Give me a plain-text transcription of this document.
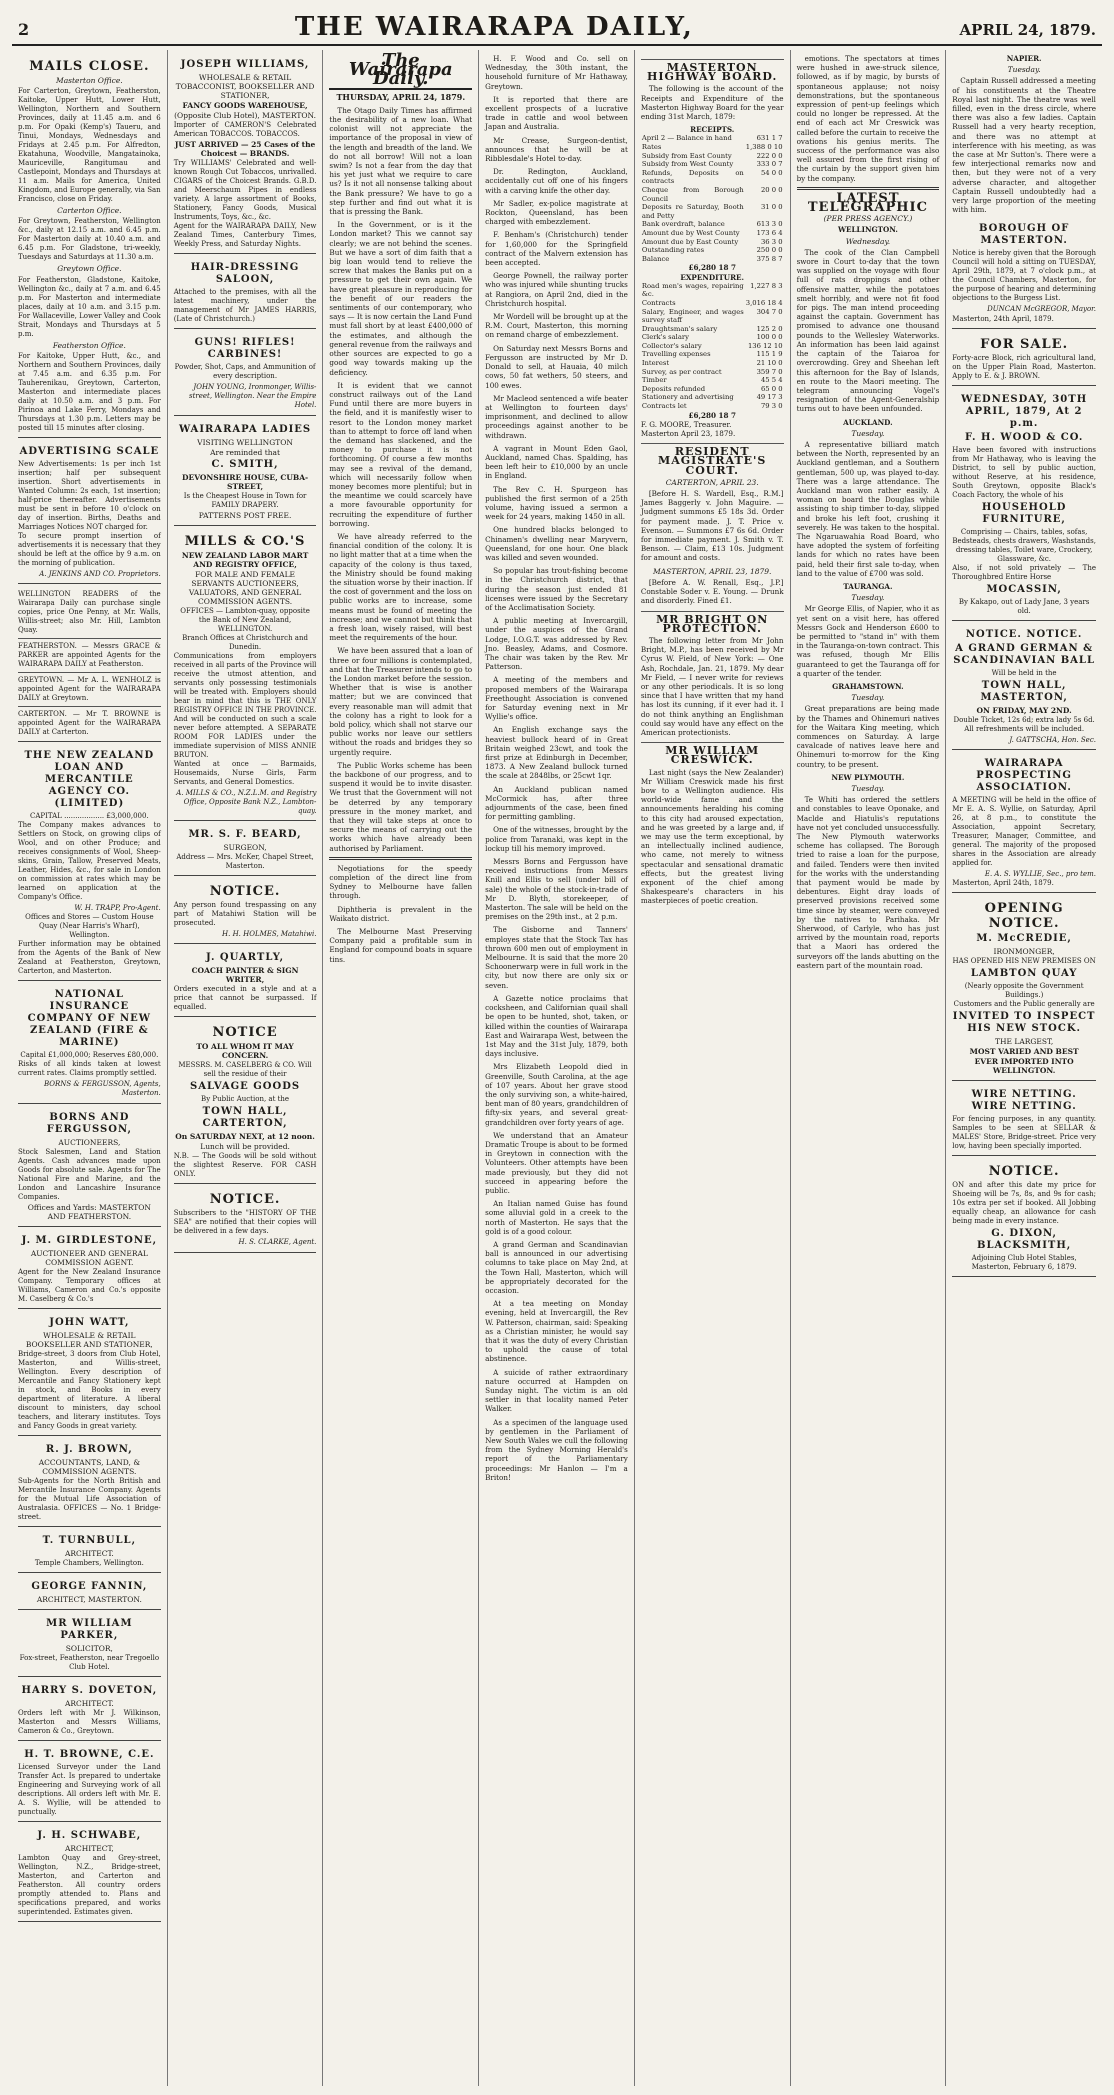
2	THE WAIRARAPA DAILY,	APRIL 24, 1879.
MAILS CLOSE.
Masterton Office.
For Carterton, Greytown, Featherston, Kaitoke, Upper Hutt, Lower Hutt, Wellington, Northern and Southern Provinces, daily at 11.45 a.m. and 6 p.m. For Opaki (Kemp's) Taueru, and Tinui, Mondays, Wednesdays and Fridays at 2.45 p.m. For Alfredton, Ekatahuna, Woodville, Mangatainoka, Mauriceville, Rangitumau and Castlepoint, Mondays and Thursdays at 11 a.m. Mails for America, United Kingdom, and Europe generally, via San Francisco, close on Friday.
Carterton Office.
For Greytown, Featherston, Wellington &c., daily at 12.15 a.m. and 6.45 p.m. For Masterton daily at 10.40 a.m. and 6.45 p.m. For Gladstone, tri-weekly, Tuesdays and Saturdays at 11.30 a.m.
Greytown Office.
For Featherston, Gladstone, Kaitoke, Wellington &c., daily at 7 a.m. and 6.45 p.m. For Masterton and intermediate places, daily at 10 a.m. and 3.15 p.m. For Wallaceville, Lower Valley and Cook Strait, Mondays and Thursdays at 5 p.m.
Featherston Office.
For Kaitoke, Upper Hutt, &c., and Northern and Southern Provinces, daily at 7.45 a.m. and 6.35 p.m. For Tauherenikau, Greytown, Carterton, Masterton and intermediate places daily at 10.50 a.m. and 3 p.m. For Pirinoa and Lake Ferry, Mondays and Thursdays at 1.30 p.m. Letters may be posted till 15 minutes after closing.
ADVERTISING SCALE
New Advertisements: 1s per inch 1st insertion; half per subsequent insertion. Short advertisements in Wanted Column: 2s each, 1st insertion; half-price thereafter. Advertisements must be sent in before 10 o'clock on day of insertion. Births, Deaths and Marriages Notices NOT charged for.
To secure prompt insertion of advertisements it is necessary that they should be left at the office by 9 a.m. on the morning of publication.
A. JENKINS AND CO. Proprietors.
WELLINGTON READERS of the Wairarapa Daily can purchase single copies, price One Penny, at Mr. Walls, Willis-street; also Mr. Hill, Lambton Quay.
FEATHERSTON. — Messrs GRACE & PARKER are appointed Agents for the WAIRARAPA DAILY at Featherston.
GREYTOWN. — Mr A. L. WENHOLZ is appointed Agent for the WAIRARAPA DAILY at Greytown.
CARTERTON. — Mr T. BROWNE is appointed Agent for the WAIRARAPA DAILY at Carterton.
THE NEW ZEALAND LOAN AND MERCANTILE AGENCY CO. (LIMITED)
CAPITAL .................. £3,000,000.
The Company makes advances to Settlers on Stock, on growing clips of Wool, and on other Produce; and receives consignments of Wool, Sheep-skins, Grain, Tallow, Preserved Meats, Leather, Hides, &c., for sale in London on commission at rates which may be learned on application at the Company's Office.
W. H. TRAPP, Pro-Agent.
Offices and Stores — Custom House Quay (Near Harris's Wharf), Wellington.
Further information may be obtained from the Agents of the Bank of New Zealand at Featherston, Greytown, Carterton, and Masterton.
NATIONAL INSURANCE COMPANY OF NEW ZEALAND (FIRE & MARINE)
Capital £1,000,000; Reserves £80,000.
Risks of all kinds taken at lowest current rates. Claims promptly settled.
BORNS & FERGUSSON, Agents, Masterton.
BORNS AND FERGUSSON,
AUCTIONEERS,
Stock Salesmen, Land and Station Agents. Cash advances made upon Goods for absolute sale. Agents for The National Fire and Marine, and the London and Lancashire Insurance Companies.
Offices and Yards: MASTERTON AND FEATHERSTON.
J. M. GIRDLESTONE,
AUCTIONEER AND GENERAL COMMISSION AGENT.
Agent for the New Zealand Insurance Company. Temporary offices at Williams, Cameron and Co.'s opposite M. Caselberg & Co.'s
JOHN WATT,
WHOLESALE & RETAIL BOOKSELLER AND STATIONER,
Bridge-street, 3 doors from Club Hotel, Masterton, and Willis-street, Wellington. Every description of Mercantile and Fancy Stationery kept in stock, and Books in every department of literature. A liberal discount to ministers, day school teachers, and literary institutes. Toys and Fancy Goods in great variety.
R. J. BROWN,
ACCOUNTANTS, LAND, & COMMISSION AGENTS.
Sub-Agents for the North British and Mercantile Insurance Company. Agents for the Mutual Life Association of Australasia. OFFICES — No. 1 Bridge-street.
T. TURNBULL,
ARCHITECT.
Temple Chambers, Wellington.
GEORGE FANNIN,
ARCHITECT, MASTERTON.
MR WILLIAM PARKER,
SOLICITOR,
Fox-street, Featherston, near Tregoello Club Hotel.
HARRY S. DOVETON,
ARCHITECT.
Orders left with Mr J. Wilkinson, Masterton and Messrs Williams, Cameron & Co., Greytown.
H. T. BROWNE, C.E.
Licensed Surveyor under the Land Transfer Act. Is prepared to undertake Engineering and Surveying work of all descriptions. All orders left with Mr. E. A. S. Wyllie, will be attended to punctually.
J. H. SCHWABE,
ARCHITECT,
Lambton Quay and Grey-street, Wellington, N.Z., Bridge-street, Masterton, and Carterton and Featherston. All country orders promptly attended to. Plans and specifications prepared, and works superintended. Estimates given.
JOSEPH WILLIAMS,
WHOLESALE & RETAIL TOBACCONIST, BOOKSELLER AND STATIONER,
FANCY GOODS WAREHOUSE,
(Opposite Club Hotel), MASTERTON.
Importer of CAMERON'S Celebrated American TOBACCOS. TOBACCOS.
JUST ARRIVED — 25 Cases of the Choicest — BRANDS.
Try WILLIAMS' Celebrated and well-known Rough Cut Tobaccos, unrivalled. CIGARS of the Choicest Brands. G.B.D. and Meerschaum Pipes in endless variety. A large assortment of Books, Stationery, Fancy Goods, Musical Instruments, Toys, &c., &c.
Agent for the WAIRARAPA DAILY, New Zealand Times, Canterbury Times, Weekly Press, and Saturday Nights.
HAIR-DRESSING SALOON,
Attached to the premises, with all the latest machinery, under the management of Mr JAMES HARRIS, (Late of Christchurch.)
GUNS! RIFLES! CARBINES!
Powder, Shot, Caps, and Ammunition of every description.
JOHN YOUNG, Ironmonger, Willis-street, Wellington. Near the Empire Hotel.
WAIRARAPA LADIES
VISITING WELLINGTON
Are reminded that
C. SMITH,
DEVONSHIRE HOUSE, CUBA-STREET,
Is the Cheapest House in Town for FAMILY DRAPERY.
PATTERNS POST FREE.
MILLS & CO.'S
NEW ZEALAND LABOR MART AND REGISTRY OFFICE,
FOR MALE AND FEMALE SERVANTS AUCTIONEERS, VALUATORS, AND GENERAL COMMISSION AGENTS.
OFFICES — Lambton-quay, opposite the Bank of New Zealand, WELLINGTON.
Branch Offices at Christchurch and Dunedin.
Communications from employers received in all parts of the Province will receive the utmost attention, and servants only possessing testimonials will be treated with. Employers should bear in mind that this is THE ONLY REGISTRY OFFICE IN THE PROVINCE. And will be conducted on such a scale never before attempted. A SEPARATE ROOM FOR LADIES under the immediate supervision of MISS ANNIE BRUTON.
Wanted at once — Barmaids, Housemaids, Nurse Girls, Farm Servants, and General Domestics.
A. MILLS & CO., N.Z.L.M. and Registry Office, Opposite Bank N.Z., Lambton-quay.
MR. S. F. BEARD,
SURGEON,
Address — Mrs. McKer, Chapel Street, Masterton.
NOTICE.
Any person found trespassing on any part of Matahiwi Station will be prosecuted.
H. H. HOLMES, Matahiwi.
J. QUARTLY,
COACH PAINTER & SIGN WRITER,
Orders executed in a style and at a price that cannot be surpassed. If equalled.
NOTICE
TO ALL WHOM IT MAY CONCERN.
MESSRS. M. CASELBERG & CO. Will sell the residue of their
SALVAGE GOODS
By Public Auction, at the
TOWN HALL, CARTERTON,
On SATURDAY NEXT, at 12 noon.
Lunch will be provided.
N.B. — The Goods will be sold without the slightest Reserve. FOR CASH ONLY.
NOTICE.
Subscribers to the "HISTORY OF THE SEA" are notified that their copies will be delivered in a few days.
H. S. CLARKE, Agent.
The Wairarapa Daily.
THURSDAY, APRIL 24, 1879.
The Otago Daily Times has affirmed the desirability of a new loan. What colonist will not appreciate the importance of the proposal in view of the length and breadth of the land. We do not all borrow! Will not a loan swim? Is not a fear from the day that his yet just what we require to care us? Is it not all nonsense talking about the Bank pressure? We have to go a step further and find out what it is that is pressing the Bank.
In the Government, or is it the London market? This we cannot say clearly; we are not behind the scenes. But we have a sort of dim faith that a big loan would tend to relieve the screw that makes the Banks put on a pressure to get their own again. We have great pleasure in reproducing for the benefit of our readers the sentiments of our contemporary, who says — It is now certain the Land Fund must fall short by at least £400,000 of the estimates, and although the general revenue from the railways and other sources are expected to go a good way towards making up the deficiency.
It is evident that we cannot construct railways out of the Land Fund until there are more buyers in the field, and it is manifestly wiser to resort to the London money market than to attempt to force off land when the demand has slackened, and the money to purchase it is not forthcoming. Of course a few months may see a revival of the demand, which will necessarily follow when money becomes more plentiful; but in the meantime we could scarcely have a more favourable opportunity for recruiting the expenditure of further borrowing.
We have already referred to the financial condition of the colony. It is no light matter that at a time when the capacity of the colony is thus taxed, the Ministry should be found making the situation worse by their inaction. If the cost of government and the loss on public works are to increase, some means must be found of meeting the increase; and we cannot but think that a fresh loan, wisely raised, will best meet the requirements of the hour.
We have been assured that a loan of three or four millions is contemplated, and that the Treasurer intends to go to the London market before the session. Whether that is wise is another matter; but we are convinced that every reasonable man will admit that the colony has a right to look for a bold policy, which shall not starve our public works nor leave our settlers without the roads and bridges they so urgently require.
The Public Works scheme has been the backbone of our progress, and to suspend it would be to invite disaster. We trust that the Government will not be deterred by any temporary pressure in the money market, and that they will take steps at once to secure the means of carrying out the works which have already been authorised by Parliament.
Negotiations for the speedy completion of the direct line from Sydney to Melbourne have fallen through.
Diphtheria is prevalent in the Waikato district.
The Melbourne Mast Preserving Company paid a profitable sum in England for compound boats in square tins.
H. F. Wood and Co. sell on Wednesday, the 30th instant, the household furniture of Mr Hathaway, Greytown.
It is reported that there are excellent prospects of a lucrative trade in cattle and wool between Japan and Australia.
Mr Crease, Surgeon-dentist, announces that he will be at Ribblesdale's Hotel to-day.
Dr. Redington, Auckland, accidentally cut off one of his fingers with a carving knife the other day.
Mr Sadler, ex-police magistrate at Rockton, Queensland, has been charged with embezzlement.
F. Benham's (Christchurch) tender for 1,60,000 for the Springfield contract of the Malvern extension has been accepted.
George Pownell, the railway porter who was injured while shunting trucks at Rangiora, on April 2nd, died in the Christchurch hospital.
Mr Wordell will be brought up at the R.M. Court, Masterton, this morning on remand charge of embezzlement.
On Saturday next Messrs Borns and Fergusson are instructed by Mr D. Donald to sell, at Hauaia, 40 milch cows, 50 fat wethers, 50 steers, and 100 ewes.
Mr Macleod sentenced a wife beater at Wellington to fourteen days' imprisonment, and declined to allow proceedings against another to be withdrawn.
A vagrant in Mount Eden Gaol, Auckland, named Chas. Spalding, has been left heir to £10,000 by an uncle in England.
The Rev C. H. Spurgeon has published the first sermon of a 25th volume, having issued a sermon a week for 24 years, making 1450 in all.
One hundred blacks belonged to Chinamen's dwelling near Maryvern, Queensland, for one hour. One black was killed and seven wounded.
So popular has trout-fishing become in the Christchurch district, that during the season just ended 81 licenses were issued by the Secretary of the Acclimatisation Society.
A public meeting at Invercargill, under the auspices of the Grand Lodge, I.O.G.T. was addressed by Rev. Jno. Beasley, Adams, and Cosmore. The chair was taken by the Rev. Mr Patterson.
A meeting of the members and proposed members of the Wairarapa Freethought Association is convened for Saturday evening next in Mr Wyllie's office.
An English exchange says the heaviest bullock heard of in Great Britain weighed 23cwt, and took the first prize at Edinburgh in December, 1873. A New Zealand bullock turned the scale at 2848lbs, or 25cwt 1qr.
An Auckland publican named McCormick has, after three adjournments of the case, been fined for permitting gambling.
One of the witnesses, brought by the police from Taranaki, was kept in the lockup till his memory improved.
Messrs Borns and Fergusson have received instructions from Messrs Knill and Ellis to sell (under bill of sale) the whole of the stock-in-trade of Mr D. Blyth, storekeeper, of Masterton. The sale will be held on the premises on the 29th inst., at 2 p.m.
The Gisborne and Tanners' employes state that the Stock Tax has thrown 600 men out of employment in Melbourne. It is said that the more 20 Schoonerwarp were in full work in the city, but now there are only six or seven.
A Gazette notice proclaims that cocksheen, and Californian quail shall be open to be hunted, shot, taken, or killed within the counties of Wairarapa East and Wairarapa West, between the 1st May and the 31st July, 1879, both days inclusive.
Mrs Elizabeth Leopold died in Greenville, South Carolina, at the age of 107 years. About her grave stood the only surviving son, a white-haired, bent man of 80 years, grandchildren of fifty-six years, and several great-grandchildren over forty years of age.
We understand that an Amateur Dramatic Troupe is about to be formed in Greytown in connection with the Volunteers. Other attempts have been made previously, but they did not succeed in appearing before the public.
An Italian named Guise has found some alluvial gold in a creek to the north of Masterton. He says that the gold is of a good colour.
A grand German and Scandinavian ball is announced in our advertising columns to take place on May 2nd, at the Town Hall, Masterton, which will be appropriately decorated for the occasion.
At a tea meeting on Monday evening, held at Invercargill, the Rev W. Patterson, chairman, said: Speaking as a Christian minister, he would say that it was the duty of every Christian to uphold the cause of total abstinence.
A suicide of rather extraordinary nature occurred at Hampden on Sunday night. The victim is an old settler in that locality named Peter Walker.
As a specimen of the language used by gentlemen in the Parliament of New South Wales we cull the following from the Sydney Morning Herald's report of the Parliamentary proceedings: Mr Hanlon — I'm a Briton!
MASTERTON HIGHWAY BOARD.
The following is the account of the Receipts and Expenditure of the Masterton Highway Board for the year ending 31st March, 1879:
RECEIPTS.
April 2 — Balance in hand	631 1 7
Rates	1,388 0 10
Subsidy from East County	222 0 0
Subsidy from West County	333 0 7
Refunds, Deposits on contracts	54 0 0
Cheque from Borough Council	20 0 0
Deposits re Saturday, Booth and Petty	31 0 0
Bank overdraft, balance	613 3 0
Amount due by West County	173 6 4
Amount due by East County	36 3 0
Outstanding rates	250 0 0
Balance	375 8 7
£6,280 18 7
EXPENDITURE.
Road men's wages, repairing &c.	1,227 8 3
Contracts	3,016 18 4
Salary, Engineer, and wages survey staff	304 7 0
Draughtsman's salary	125 2 0
Clerk's salary	100 0 0
Collector's salary	136 12 10
Travelling expenses	115 1 9
Interest	21 10 0
Survey, as per contract	359 7 0
Timber	45 5 4
Deposits refunded	65 0 0
Stationery and advertising	49 17 3
Contracts let	79 3 0
£6,280 18 7
F. G. MOORE, Treasurer.
Masterton April 23, 1879.
RESIDENT MAGISTRATE'S COURT.
CARTERTON, APRIL 23.
[Before H. S. Wardell, Esq., R.M.] James Baggerly v. John Maguire. — Judgment summons £5 18s 3d. Order for payment made. J. T. Price v. Evenson. — Summons £7 6s 6d. Order for immediate payment. J. Smith v. T. Benson. — Claim, £13 10s. Judgment for amount and costs.
MASTERTON, APRIL 23, 1879.
[Before A. W. Renall, Esq., J.P.] Constable Soder v. E. Young. — Drunk and disorderly. Fined £1.
MR BRIGHT ON PROTECTION.
The following letter from Mr John Bright, M.P., has been received by Mr Cyrus W. Field, of New York: — One Ash, Rochdale, Jan. 21, 1879. My dear Mr Field, — I never write for reviews or any other periodicals. It is so long since that I have written that my hand has lost its cunning, if it ever had it. I do not think anything an Englishman could say would have any effect on the American protectionists.
MR WILLIAM CRESWICK.
Last night (says the New Zealander) Mr William Creswick made his first bow to a Wellington audience. His world-wide fame and the announcements heralding his coming to this city had aroused expectation, and he was greeted by a large and, if we may use the term exceptional, by an intellectually inclined audience, who came, not merely to witness spectacular and sensational dramatic effects, but the greatest living exponent of the chief among Shakespeare's characters in his masterpieces of poetic creation.
emotions. The spectators at times were hushed in awe-struck silence, followed, as if by magic, by bursts of spontaneous applause; not noisy demonstrations, but the spontaneous expression of pent-up feelings which could no longer be repressed. At the end of each act Mr Creswick was called before the curtain to receive the ovations his genius merits. The success of the performance was also well assured from the first rising of the curtain by the support given him by the company.
LATEST TELEGRAPHIC
(PER PRESS AGENCY.)
WELLINGTON.
Wednesday.
The cook of the Clan Campbell swore in Court to-day that the town was supplied on the voyage with flour full of rats droppings and other offensive matter, while the potatoes smelt horribly, and were not fit food for pigs. The man intend proceeding against the captain. Government has promised to advance one thousand pounds to the Wellesley Waterworks. An information has been laid against the captain of the Taiaroa for overcrowding. Grey and Sheehan left this afternoon for the Bay of Islands, en route to the Maori meeting. The telegram announcing Vogel's resignation of the Agent-Generalship turns out to have been unfounded.
AUCKLAND.
Tuesday.
A representative billiard match between the North, represented by an Auckland gentleman, and a Southern gentleman, 500 up, was played to-day. There was a large attendance. The Auckland man won rather easily. A woman on board the Douglas while assisting to ship timber to-day, slipped and broke his left foot, crushing it severely. He was taken to the hospital. The Ngaruawahia Road Board, who have adopted the system of forfeiting lands for which no rates have been paid, held their first sale to-day, when land to the value of £700 was sold.
TAURANGA.
Tuesday.
Mr George Ellis, of Napier, who it as yet sent on a visit here, has offered Messrs Gock and Henderson £600 to be permitted to "stand in" with them in the Tauranga-on-town contract. This was refused, though Mr Ellis guaranteed to get the Tauranga off for a quarter of the tender.
GRAHAMSTOWN.
Tuesday.
Great preparations are being made by the Thames and Ohinemuri natives for the Waitara King meeting, which commences on Saturday. A large cavalcade of natives leave here and Ohinemuri to-morrow for the King country, to be present.
NEW PLYMOUTH.
Tuesday.
Te Whiti has ordered the settlers and constables to leave Oponake, and Maclde and Hiatulis's reputations have not yet concluded unsuccessfully. The New Plymouth waterworks scheme has collapsed. The Borough tried to raise a loan for the purpose, and failed. Tenders were then invited for the works with the understanding that payment would be made by debentures. Eight dray loads of preserved provisions received some time since by steamer, were conveyed by the natives to Parihaka. Mr Sherwood, of Carlyle, who has just arrived by the mountain road, reports that a Maori has ordered the surveyors off the lands abutting on the eastern part of the mountain road.
NAPIER.
Tuesday.
Captain Russell addressed a meeting of his constituents at the Theatre Royal last night. The theatre was well filled, even in the dress circle, where there was also a few ladies. Captain Russell had a very hearty reception, and there was no attempt at interference with his meeting, as was the case at Mr Sutton's. There were a few interjectional remarks now and then, but they were not of a very adverse character, and altogether Captain Russell undoubtedly had a very large proportion of the meeting with him.
BOROUGH OF MASTERTON.
Notice is hereby given that the Borough Council will hold a sitting on TUESDAY, April 29th, 1879, at 7 o'clock p.m., at the Council Chambers, Masterton, for the purpose of hearing and determining objections to the Burgess List.
DUNCAN McGREGOR, Mayor.
Masterton, 24th April, 1879.
FOR SALE.
Forty-acre Block, rich agricultural land, on the Upper Plain Road, Masterton. Apply to E. & J. BROWN.
WEDNESDAY, 30TH APRIL, 1879, At 2 p.m.
F. H. WOOD & CO.
Have been favored with instructions from Mr Hathaway, who is leaving the District, to sell by public auction, without Reserve, at his residence, South Greytown, opposite Black's Coach Factory, the whole of his
HOUSEHOLD FURNITURE,
Comprising — Chairs, tables, sofas, Bedsteads, chests drawers, Washstands, dressing tables, Toilet ware, Crockery, Glassware, &c.
Also, if not sold privately — The Thoroughbred Entire Horse
MOCASSIN,
By Kakapo, out of Lady Jane, 3 years old.
NOTICE. NOTICE.
A GRAND GERMAN & SCANDINAVIAN BALL
Will be held in the
TOWN HALL, MASTERTON,
ON FRIDAY, MAY 2ND.
Double Ticket, 12s 6d; extra lady 5s 6d. All refreshments will be included.
J. GATTSCHA, Hon. Sec.
WAIRARAPA PROSPECTING ASSOCIATION.
A MEETING will be held in the office of Mr E. A. S. Wyllie, on Saturday, April 26, at 8 p.m., to constitute the Association, appoint Secretary, Treasurer, Manager, Committee, and general. The majority of the proposed shares in the Association are already applied for.
E. A. S. WYLLIE, Sec., pro tem.
Masterton, April 24th, 1879.
OPENING NOTICE.
M. McCREDIE,
IRONMONGER,
HAS OPENED HIS NEW PREMISES ON
LAMBTON QUAY
(Nearly opposite the Government Buildings.)
Customers and the Public generally are
INVITED TO INSPECT HIS NEW STOCK.
THE LARGEST,
MOST VARIED AND BEST
EVER IMPORTED INTO WELLINGTON.
WIRE NETTING. WIRE NETTING.
For fencing purposes, in any quantity. Samples to be seen at SELLAR & MALES' Store, Bridge-street. Price very low, having been specially imported.
NOTICE.
ON and after this date my price for Shoeing will be 7s, 8s, and 9s for cash; 10s extra per set if booked. All Jobbing equally cheap, an allowance for cash being made in every instance.
G. DIXON, BLACKSMITH,
Adjoining Club Hotel Stables,
Masterton, February 6, 1879.
